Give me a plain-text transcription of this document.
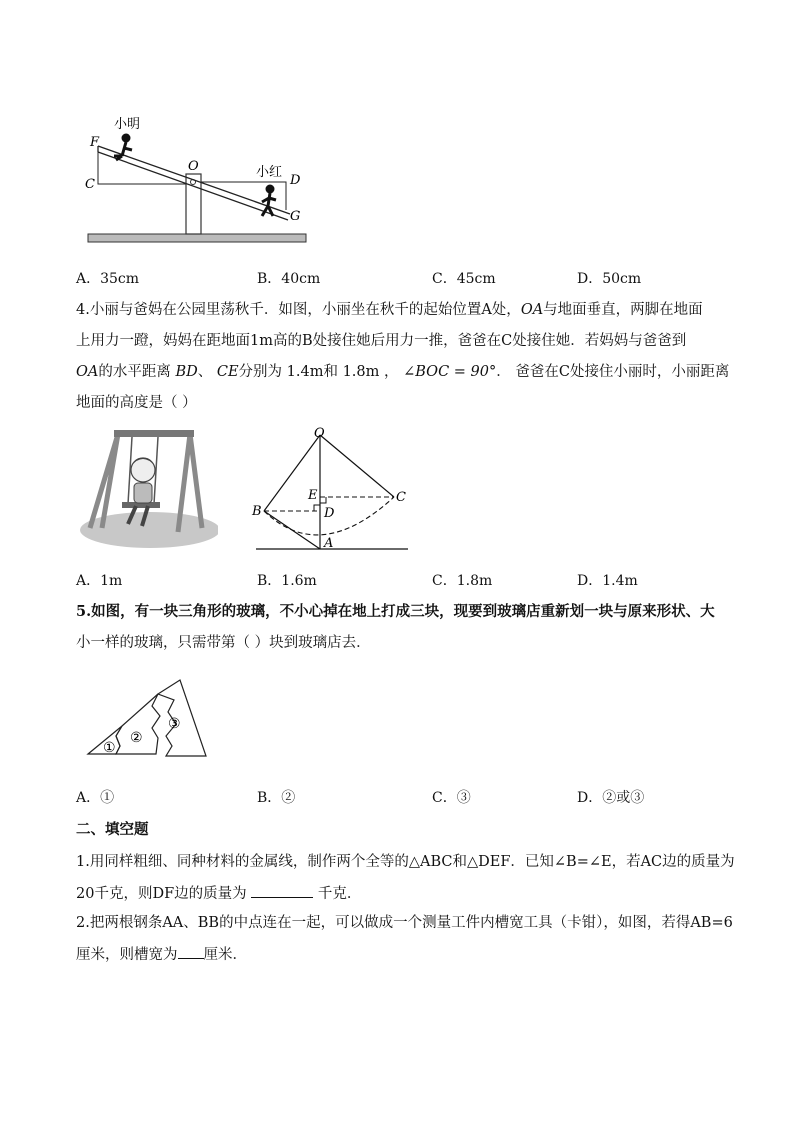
小明
小红
F
C
O
D
G
A．35cm	B．40cm	C．45cm	D．50cm
4.小丽与爸妈在公园里荡秋千．如图，小丽坐在秋千的起始位置A处，OA与地面垂直，两脚在地面
上用力一蹬，妈妈在距地面1m高的B处接住她后用力一推，爸爸在C处接住她．若妈妈与爸爸到
OA的水平距离 BD、 CE分别为 1.4m和 1.8m ， ∠BOC = 90°． 爸爸在C处接住小丽时，小丽距离
地面的高度是（ ）
O
E	C
B	D
A
A．1m	B．1.6m	C．1.8m	D．1.4m
5.如图，有一块三角形的玻璃，不小心掉在地上打成三块，现要到玻璃店重新划一块与原来形状、大
小一样的玻璃，只需带第（ ）块到玻璃店去．
①
②
③
A．①	B．②	C．③	D．②或③
二、填空题
1.用同样粗细、同种材料的金属线，制作两个全等的△ABC和△DEF．已知∠B=∠E，若AC边的质量为
20千克，则DF边的质量为	千克．
2.把两根钢条AA、BB的中点连在一起，可以做成一个测量工件内槽宽工具（卡钳），如图，若得AB=6
厘米，则槽宽为 厘米．
